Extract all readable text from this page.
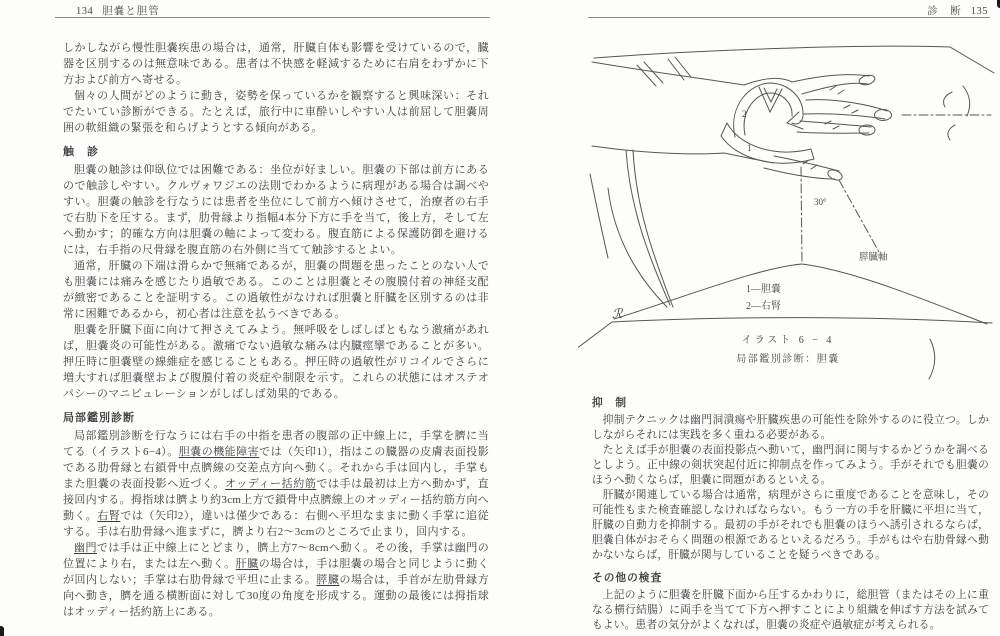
134 胆嚢と胆管	診　断 135

しかしながら慢性胆嚢疾患の場合は，通常，肝臓自体も影響を受けているので，臓器を区別するのは無意味である。患者は不快感を軽減するために右肩をわずかに下方および前方へ寄せる。

個々の人間がどのように動き，姿勢を保っているかを観察すると興味深い：それでたいてい診断ができる。たとえば，旅行中に車酔いしやすい人は前屈して胆嚢周囲の軟組織の緊張を和らげようとする傾向がある。

触　診

胆嚢の触診は仰臥位では困難である：坐位が好ましい。胆嚢の下部は前方にあるので触診しやすい。クルヴォワジエの法則でわかるように病理がある場合は調べやすい。胆嚢の触診を行なうには患者を坐位にして前方へ傾けさせて，治療者の右手で右肋下を圧する。まず，肋骨縁より指幅4本分下方に手を当て，後上方，そして左へ動かす；的確な方向は胆嚢の軸によって変わる。腹直筋による保護防御を避けるには，右手指の尺骨縁を腹直筋の右外側に当てて触診するとよい。

通常，肝臓の下端は滑らかで無痛であるが，胆嚢の問題を患ったことのない人でも胆嚢には痛みを感じたり過敏である。このことは胆嚢とその腹膜付着の神経支配が緻密であることを証明する。この過敏性がなければ胆嚢と肝臓を区別するのは非常に困難であるから，初心者は注意を払うべきである。

胆嚢を肝臓下面に向けて押さえてみよう。無呼吸をしばしばともなう激痛があれば，胆嚢炎の可能性がある。激痛でない過敏な痛みは内臓痙攣であることが多い。押圧時に胆嚢壁の線維症を感じることもある。押圧時の過敏性がリコイルでさらに増大すれば胆嚢壁および腹膜付着の炎症や制限を示す。これらの状態にはオステオパシーのマニピュレーションがしばしば効果的である。

局部鑑別診断

局部鑑別診断を行なうには右手の中指を患者の腹部の正中線上に，手掌を臍に当てる（イラスト6−4）。胆嚢の機能障害では（矢印1），指はこの臓器の皮膚表面投影である肋骨縁と右鎖骨中点臍線の交差点方向へ動く。それから手は回内し，手掌もまた胆嚢の表面投影へ近づく。オッディー括約筋では手は最初は上方へ動かず，直接回内する。拇指球は臍より約3cm上方で鎖骨中点臍線上のオッディー括約筋方向へ動く。右腎では（矢印2），違いは僅少である：右側へ平坦なままに動く手掌に追従する。手は右肋骨縁へ進まずに，臍より右2〜3cmのところで止まり，回内する。

幽門では手は正中線上にとどまり，臍上方7〜8cmへ動く。その後，手掌は幽門の位置により右，または左へ動く。肝臓の場合は，手は胆嚢の場合と同じように動くが回内しない；手掌は右肋骨縁で平坦に止まる。膵臓の場合は，手首が左肋骨縁方向へ動き，臍を通る横断面に対して30度の角度を形成する。運動の最後には拇指球はオッディー括約筋上にある。

2
1
30°
膵臓軸
1—胆嚢
2—右腎
ℛ
イラスト 6 − 4
局部鑑別診断：胆嚢
抑　制

抑制テクニックは幽門洞潰瘍や肝臓疾患の可能性を除外するのに役立つ。しかしながらそれには実践を多く重ねる必要がある。

たとえば手が胆嚢の表面投影点へ動いて，幽門洞に関与するかどうかを調べるとしよう。正中線の剣状突起付近に抑制点を作ってみよう。手がそれでも胆嚢のほうへ動くならば，胆嚢に問題があるといえる。

肝臓が関連している場合は通常，病理がさらに重度であることを意味し，その可能性もまた検査確認しなければならない。もう一方の手を肝臓に平坦に当て，肝臓の自動力を抑制する。最初の手がそれでも胆嚢のほうへ誘引されるならば，胆嚢自体がおそらく問題の根源であるといえるだろう。手がもはや右肋骨縁へ動かないならば，肝臓が関与していることを疑うべきである。

その他の検査

上記のように胆嚢を肝臓下面から圧するかわりに，総胆管（またはその上に重なる横行結腸）に両手を当てて下方へ押すことにより組織を伸ばす方法を試みてもよい。患者の気分がよくなれば，胆嚢の炎症や過敏症が考えられる。
